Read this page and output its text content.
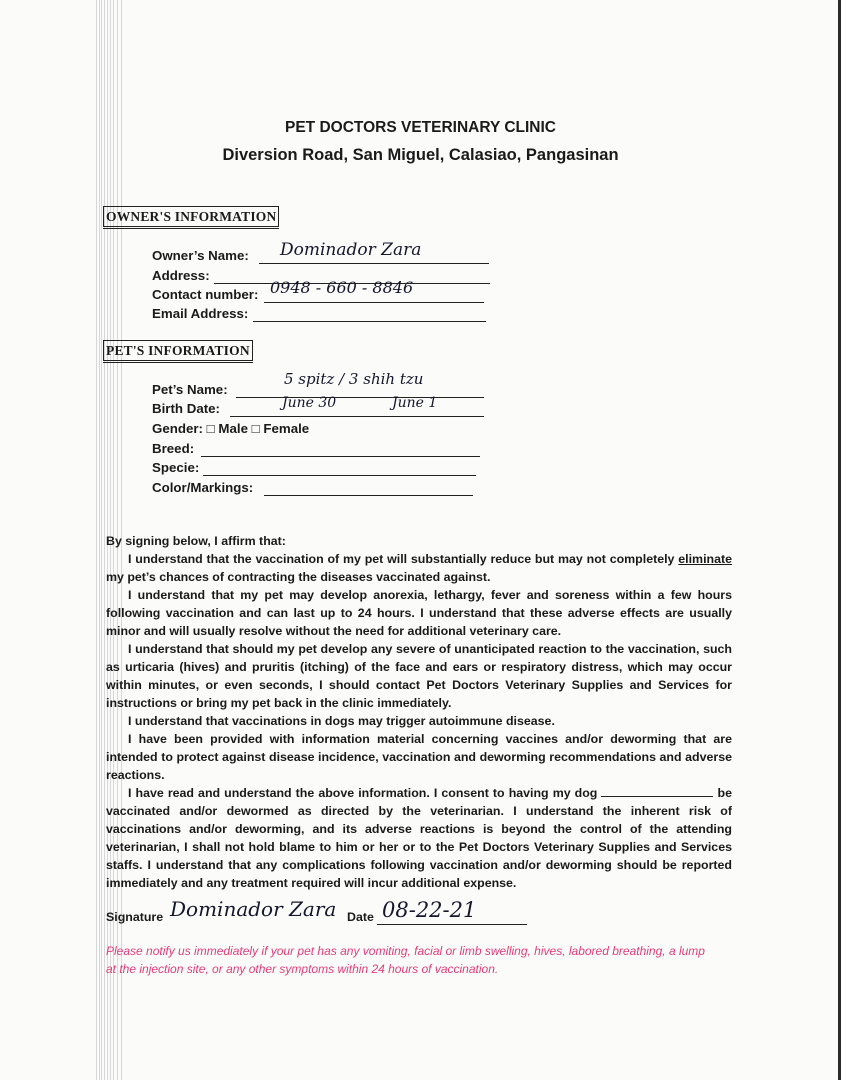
PET DOCTORS VETERINARY CLINIC
Diversion Road, San Miguel, Calasiao, Pangasinan
OWNER'S INFORMATION
Owner’s Name: Dominador Zara
Address:
Contact number: 0948 - 660 - 8846
Email Address:
PET'S INFORMATION
Pet’s Name:
5 spitz / 3 shih tzu
Birth Date:	June 30	June 1
Gender: □ Male □ Female
Breed:
Specie:
Color/Markings:

By signing below, I affirm that:

I understand that the vaccination of my pet will substantially reduce but may not completely eliminate my pet’s chances of contracting the diseases vaccinated against.

I understand that my pet may develop anorexia, lethargy, fever and soreness within a few hours following vaccination and can last up to 24 hours. I understand that these adverse effects are usually minor and will usually resolve without the need for additional veterinary care.

I understand that should my pet develop any severe of unanticipated reaction to the vaccination, such as urticaria (hives) and pruritis (itching) of the face and ears or respiratory distress, which may occur within minutes, or even seconds, I should contact Pet Doctors Veterinary Supplies and Services for instructions or bring my pet back in the clinic immediately.

I understand that vaccinations in dogs may trigger autoimmune disease.

I have been provided with information material concerning vaccines and/or deworming that are intended to protect against disease incidence, vaccination and deworming recommendations and adverse reactions.

I have read and understand the above information. I consent to having my dog	be vaccinated and/or dewormed as directed by the veterinarian. I understand the inherent risk of vaccinations and/or deworming, and its adverse reactions is beyond the control of the attending veterinarian, I shall not hold blame to him or her or to the Pet Doctors Veterinary Supplies and Services staffs. I understand that any complications following vaccination and/or deworming should be reported immediately and any treatment required will incur additional expense.

Signature Dominador Zara Date 08-22-21
Please notify us immediately if your pet has any vomiting, facial or limb swelling, hives, labored breathing, a lump at the injection site, or any other symptoms within 24 hours of vaccination.
